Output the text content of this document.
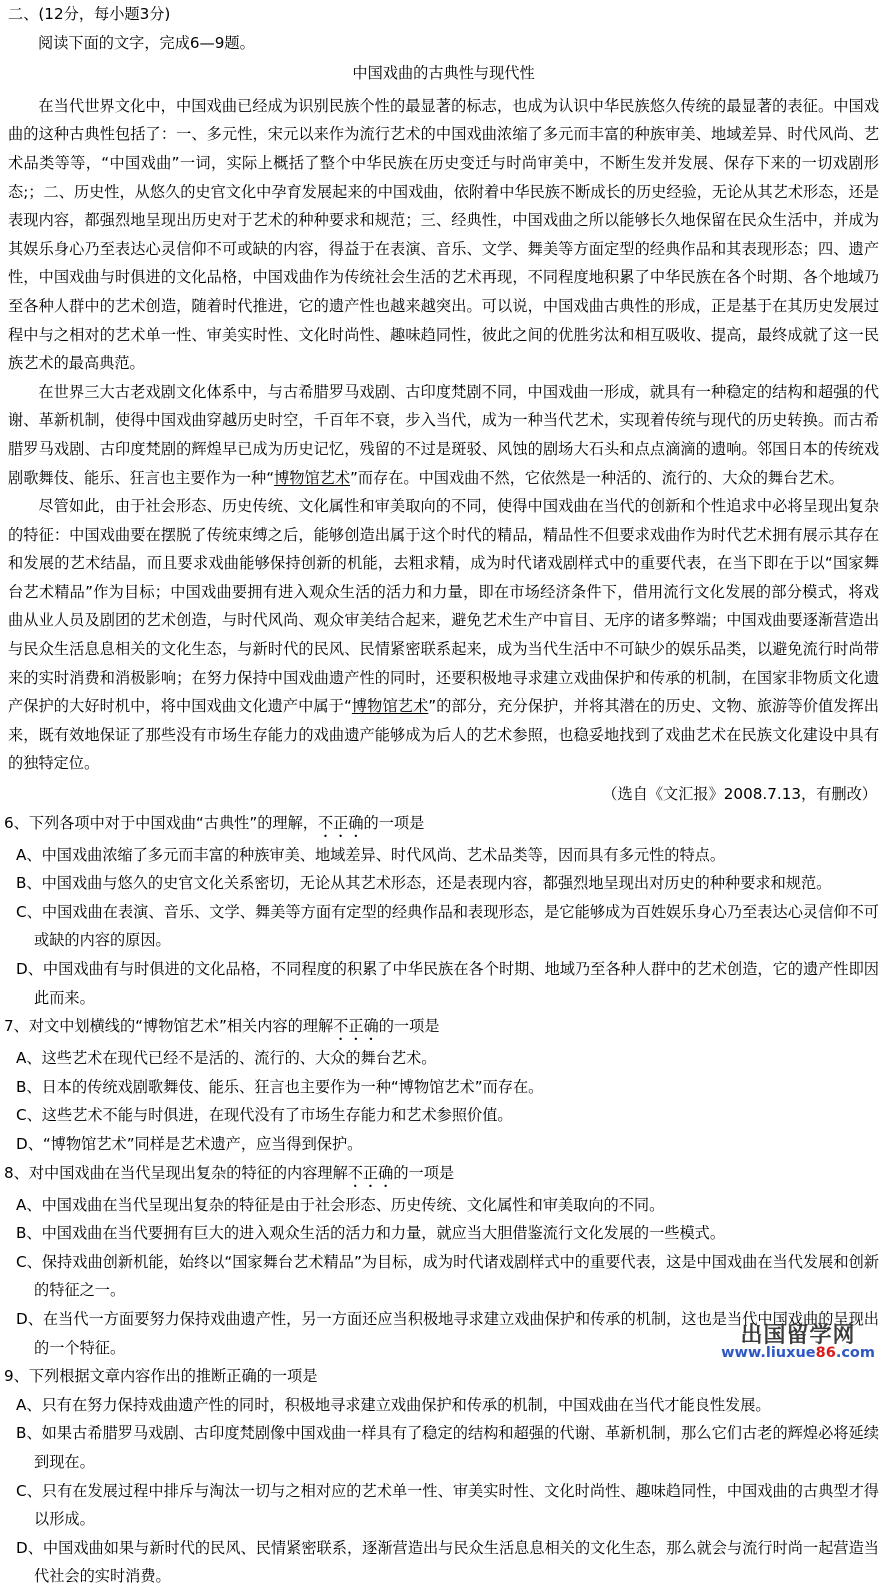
二、(12分，每小题3分)
阅读下面的文字，完成6—9题。
中国戏曲的古典性与现代性

在当代世界文化中，中国戏曲已经成为识别民族个性的最显著的标志，也成为认识中华民族悠久传统的最显著的表征。中国戏曲的这种古典性包括了：一、多元性，宋元以来作为流行艺术的中国戏曲浓缩了多元而丰富的种族审美、地域差异、时代风尚、艺术品类等等，“中国戏曲”一词，实际上概括了整个中华民族在历史变迁与时尚审美中，不断生发并发展、保存下来的一切戏剧形态;；二、历史性，从悠久的史官文化中孕育发展起来的中国戏曲，依附着中华民族不断成长的历史经验，无论从其艺术形态，还是表现内容，都强烈地呈现出历史对于艺术的种种要求和规范；三、经典性，中国戏曲之所以能够长久地保留在民众生活中，并成为其娱乐身心乃至表达心灵信仰不可或缺的内容，得益于在表演、音乐、文学、舞美等方面定型的经典作品和其表现形态；四、遗产性，中国戏曲与时俱进的文化品格，中国戏曲作为传统社会生活的艺术再现，不同程度地积累了中华民族在各个时期、各个地域乃至各种人群中的艺术创造，随着时代推进，它的遗产性也越来越突出。可以说，中国戏曲古典性的形成，正是基于在其历史发展过程中与之相对的艺术单一性、审美实时性、文化时尚性、趣味趋同性，彼此之间的优胜劣汰和相互吸收、提高，最终成就了这一民族艺术的最高典范。

在世界三大古老戏剧文化体系中，与古希腊罗马戏剧、古印度梵剧不同，中国戏曲一形成，就具有一种稳定的结构和超强的代谢、革新机制，使得中国戏曲穿越历史时空，千百年不衰，步入当代，成为一种当代艺术，实现着传统与现代的历史转换。而古希腊罗马戏剧、古印度梵剧的辉煌早已成为历史记忆，残留的不过是斑驳、风蚀的剧场大石头和点点滴滴的遗响。邻国日本的传统戏剧歌舞伎、能乐、狂言也主要作为一种“博物馆艺术”而存在。中国戏曲不然，它依然是一种活的、流行的、大众的舞台艺术。

尽管如此，由于社会形态、历史传统、文化属性和审美取向的不同，使得中国戏曲在当代的创新和个性追求中必将呈现出复杂的特征：中国戏曲要在摆脱了传统束缚之后，能够创造出属于这个时代的精品，精品性不但要求戏曲作为时代艺术拥有展示其存在和发展的艺术结晶，而且要求戏曲能够保持创新的机能，去粗求精，成为时代诸戏剧样式中的重要代表，在当下即在于以“国家舞台艺术精品”作为目标；中国戏曲要拥有进入观众生活的活力和力量，即在市场经济条件下，借用流行文化发展的部分模式，将戏曲从业人员及剧团的艺术创造，与时代风尚、观众审美结合起来，避免艺术生产中盲目、无序的诸多弊端；中国戏曲要逐渐营造出与民众生活息息相关的文化生态，与新时代的民风、民情紧密联系起来，成为当代生活中不可缺少的娱乐品类，以避免流行时尚带来的实时消费和消极影响；在努力保持中国戏曲遗产性的同时，还要积极地寻求建立戏曲保护和传承的机制，在国家非物质文化遗产保护的大好时机中，将中国戏曲文化遗产中属于“博物馆艺术”的部分，充分保护，并将其潜在的历史、文物、旅游等价值发挥出来，既有效地保证了那些没有市场生存能力的戏曲遗产能够成为后人的艺术参照，也稳妥地找到了戏曲艺术在民族文化建设中具有的独特定位。

（选自《文汇报》2008.7.13，有删改）
6、下列各项中对于中国戏曲“古典性”的理解，不正确的一项是

A、中国戏曲浓缩了多元而丰富的种族审美、地域差异、时代风尚、艺术品类等，因而具有多元性的特点。

B、中国戏曲与悠久的史官文化关系密切，无论从其艺术形态，还是表现内容，都强烈地呈现出对历史的种种要求和规范。

C、中国戏曲在表演、音乐、文学、舞美等方面有定型的经典作品和表现形态，是它能够成为百姓娱乐身心乃至表达心灵信仰不可或缺的内容的原因。

D、中国戏曲有与时俱进的文化品格，不同程度的积累了中华民族在各个时期、地域乃至各种人群中的艺术创造，它的遗产性即因此而来。

7、对文中划横线的“博物馆艺术”相关内容的理解不正确的一项是

A、这些艺术在现代已经不是活的、流行的、大众的舞台艺术。

B、日本的传统戏剧歌舞伎、能乐、狂言也主要作为一种“博物馆艺术”而存在。

C、这些艺术不能与时俱进，在现代没有了市场生存能力和艺术参照价值。

D、“博物馆艺术”同样是艺术遗产，应当得到保护。

8、对中国戏曲在当代呈现出复杂的特征的内容理解不正确的一项是

A、中国戏曲在当代呈现出复杂的特征是由于社会形态、历史传统、文化属性和审美取向的不同。

B、中国戏曲在当代要拥有巨大的进入观众生活的活力和力量，就应当大胆借鉴流行文化发展的一些模式。

C、保持戏曲创新机能，始终以“国家舞台艺术精品”为目标，成为时代诸戏剧样式中的重要代表，这是中国戏曲在当代发展和创新的特征之一。

D、在当代一方面要努力保持戏曲遗产性，另一方面还应当积极地寻求建立戏曲保护和传承的机制，这也是当代中国戏曲的呈现出的一个特征。

9、下列根据文章内容作出的推断正确的一项是

A、只有在努力保持戏曲遗产性的同时，积极地寻求建立戏曲保护和传承的机制，中国戏曲在当代才能良性发展。

B、如果古希腊罗马戏剧、古印度梵剧像中国戏曲一样具有了稳定的结构和超强的代谢、革新机制，那么它们古老的辉煌必将延续到现在。

C、只有在发展过程中排斥与淘汰一切与之相对应的艺术单一性、审美实时性、文化时尚性、趣味趋同性，中国戏曲的古典型才得以形成。

D、中国戏曲如果与新时代的民风、民情紧密联系，逐渐营造出与民众生活息息相关的文化生态，那么就会与流行时尚一起营造当代社会的实时消费。

出国留学网
www.liuxue86.com
